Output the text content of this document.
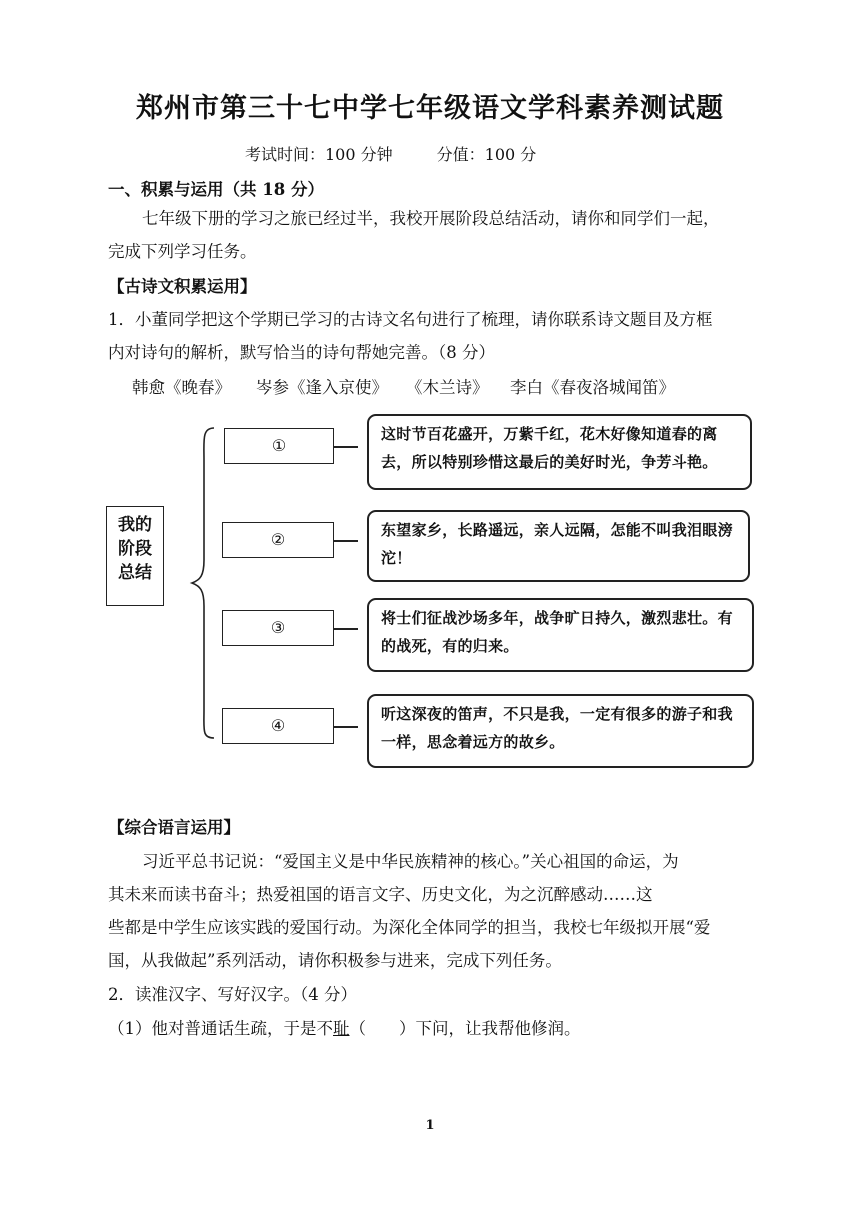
郑州市第三十七中学七年级语文学科素养测试题
考试时间：100 分钟	分值：100 分
一、积累与运用（共 18 分）
七年级下册的学习之旅已经过半，我校开展阶段总结活动，请你和同学们一起，
完成下列学习任务。
【古诗文积累运用】
1．小董同学把这个学期已学习的古诗文名句进行了梳理，请你联系诗文题目及方框
内对诗句的解析，默写恰当的诗句帮她完善。（8 分）
韩愈《晚春》 岑参《逢入京使》 《木兰诗》 李白《春夜洛城闻笛》
我的
阶段
总结
①
这时节百花盛开，万紫千红，花木好像知道春的离去，所以特别珍惜这最后的美好时光，争芳斗艳。
②	东望家乡，长路遥远，亲人远隔，怎能不叫我泪眼滂沱！
③	将士们征战沙场多年，战争旷日持久，激烈悲壮。有的战死，有的归来。
④
听这深夜的笛声，不只是我，一定有很多的游子和我一样，思念着远方的故乡。
【综合语言运用】
习近平总书记说：“爱国主义是中华民族精神的核心。”关心祖国的命运，为
其未来而读书奋斗；热爱祖国的语言文字、历史文化，为之沉醉感动……这
些都是中学生应该实践的爱国行动。为深化全体同学的担当，我校七年级拟开展“爱
国，从我做起”系列活动，请你积极参与进来，完成下列任务。
2．读准汉字、写好汉字。（4 分）
（1）他对普通话生疏，于是不耻（　　）下问，让我帮他修润。
1
